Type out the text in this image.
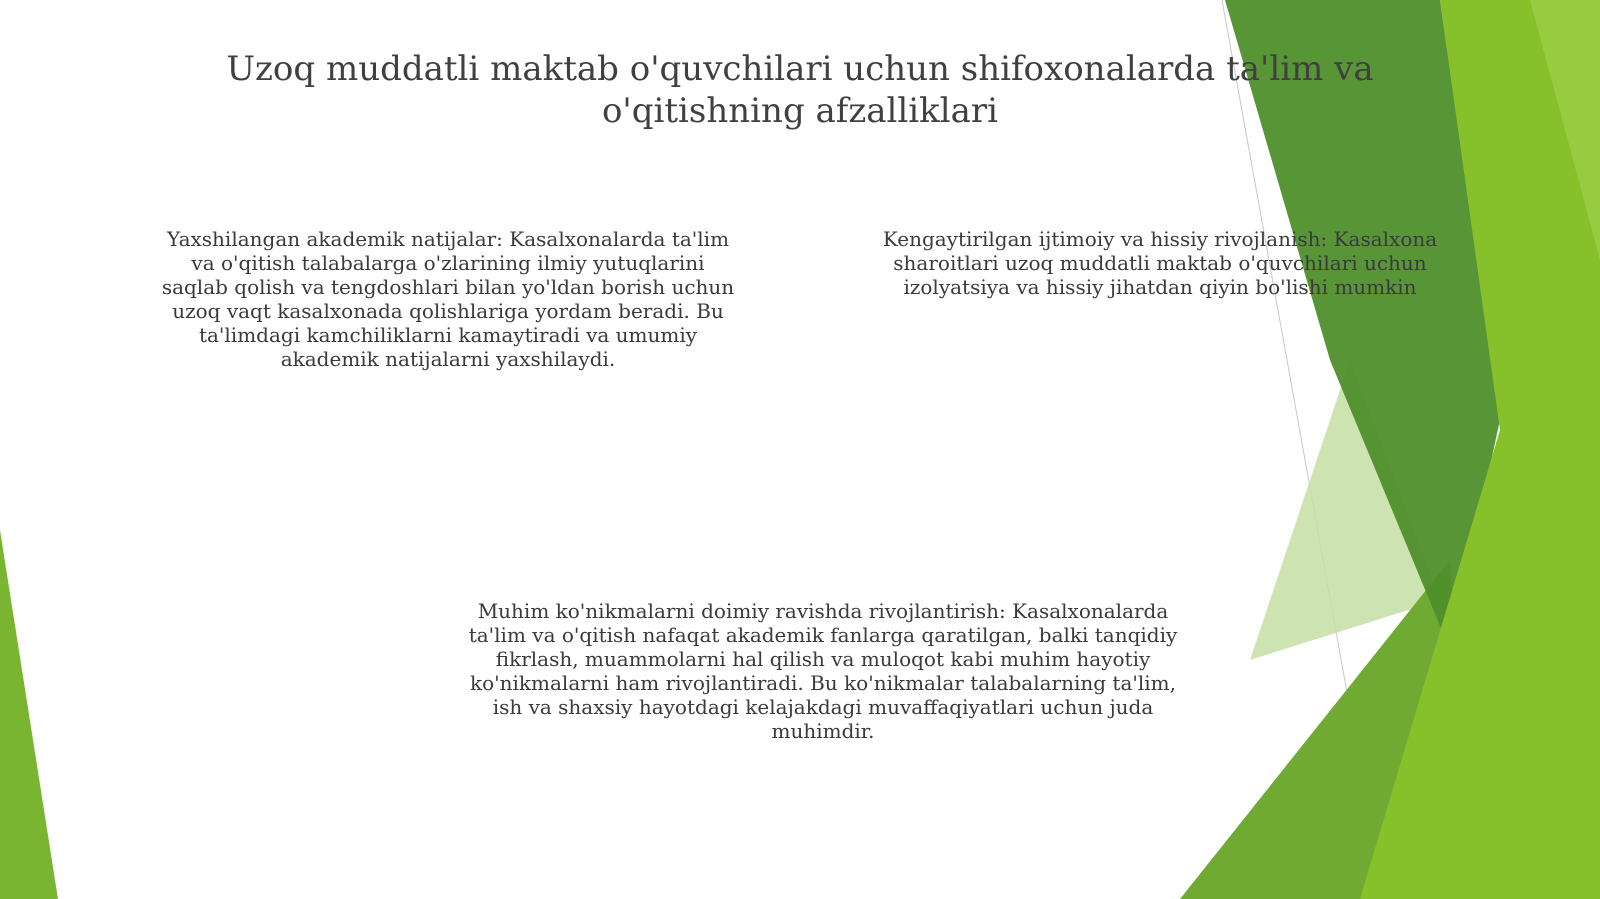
Uzoq muddatli maktab o'quvchilari uchun shifoxonalarda ta'lim va o'qitishning afzalliklari

Yaxshilangan akademik natijalar: Kasalxonalarda ta'lim va o'qitish talabalarga o'zlarining ilmiy yutuqlarini saqlab qolish va tengdoshlari bilan yo'ldan borish uchun uzoq vaqt kasalxonada qolishlariga yordam beradi. Bu ta'limdagi kamchiliklarni kamaytiradi va umumiy akademik natijalarni yaxshilaydi.

Kengaytirilgan ijtimoiy va hissiy rivojlanish: Kasalxona sharoitlari uzoq muddatli maktab o'quvchilari uchun izolyatsiya va hissiy jihatdan qiyin bo'lishi mumkin

Muhim ko'nikmalarni doimiy ravishda rivojlantirish: Kasalxonalarda ta'lim va o'qitish nafaqat akademik fanlarga qaratilgan, balki tanqidiy fikrlash, muammolarni hal qilish va muloqot kabi muhim hayotiy ko'nikmalarni ham rivojlantiradi. Bu ko'nikmalar talabalarning ta'lim, ish va shaxsiy hayotdagi kelajakdagi muvaffaqiyatlari uchun juda muhimdir.
